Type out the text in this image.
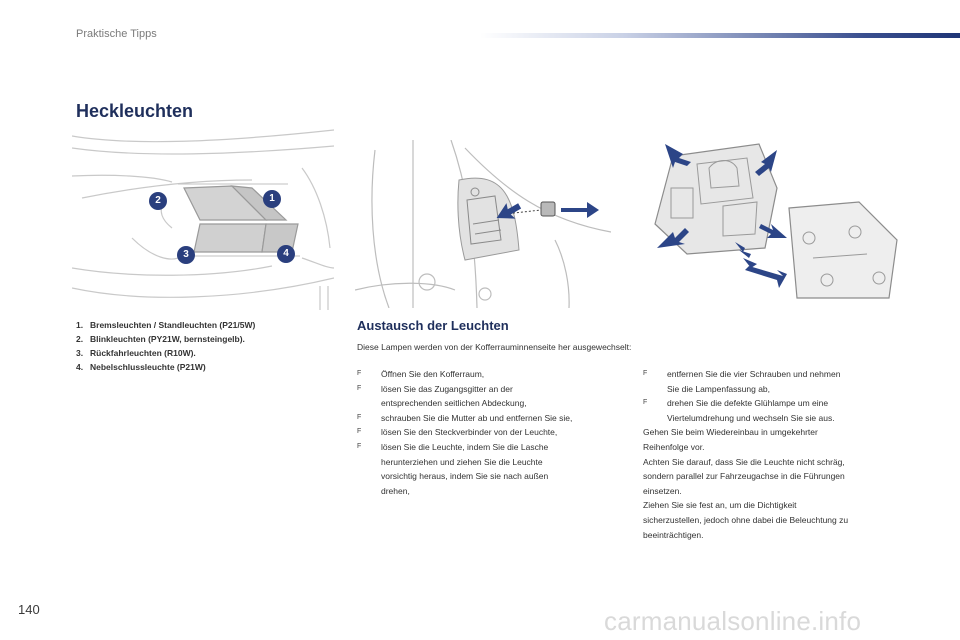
Praktische Tipps
Heckleuchten
1
2
3	4
1. Bremsleuchten / Standleuchten (P21/5W)
2. Blinkleuchten (PY21W, bernsteingelb).
3. Rückfahrleuchten (R10W).
4. Nebelschlussleuchte (P21W)
Austausch der Leuchten
Diese Lampen werden von der Kofferrauminnenseite her ausgewechselt:
F Öffnen Sie den Kofferraum,
F lösen Sie das Zugangsgitter an der
entsprechenden seitlichen Abdeckung,
F schrauben Sie die Mutter ab und entfernen Sie sie,
F lösen Sie den Steckverbinder von der Leuchte,
F lösen Sie die Leuchte, indem Sie die Lasche
herunterziehen und ziehen Sie die Leuchte
vorsichtig heraus, indem Sie sie nach außen
drehen,
F entfernen Sie die vier Schrauben und nehmen
Sie die Lampenfassung ab,
F drehen Sie die defekte Glühlampe um eine
Viertelumdrehung und wechseln Sie sie aus.
Gehen Sie beim Wiedereinbau in umgekehrter
Reihenfolge vor.
Achten Sie darauf, dass Sie die Leuchte nicht schräg,
sondern parallel zur Fahrzeugachse in die Führungen
einsetzen.
Ziehen Sie sie fest an, um die Dichtigkeit
sicherzustellen, jedoch ohne dabei die Beleuchtung zu
beeinträchtigen.
140	carmanualsonline.info
